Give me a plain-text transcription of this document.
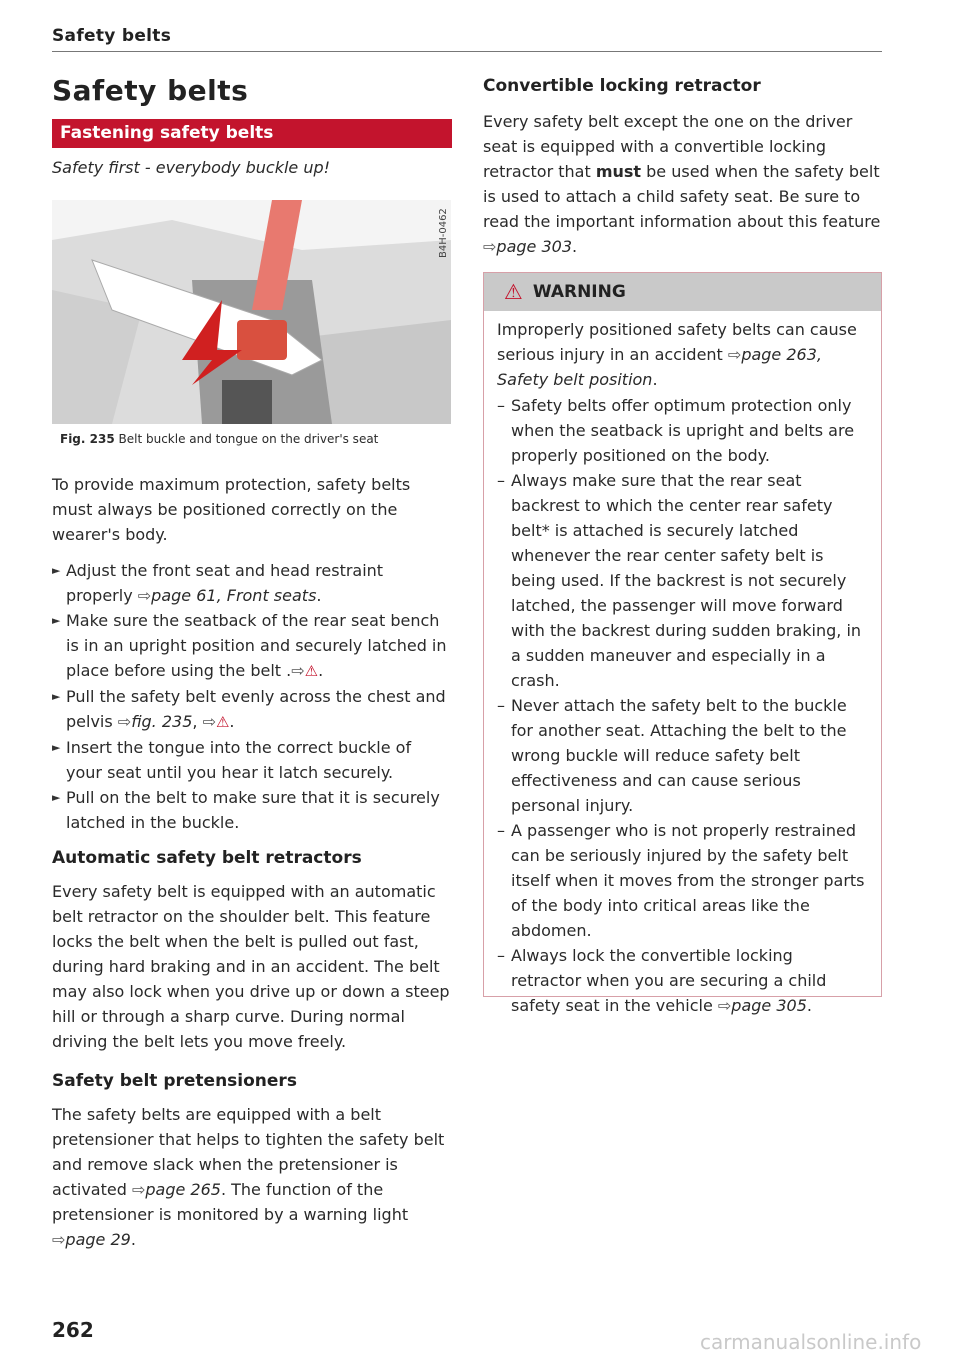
Safety belts
Safety belts
Fastening safety belts
Safety first - everybody buckle up!
Fig. 235 Belt buckle and tongue on the driver's seat
B4H-0462

To provide maximum protection, safety belts must always be positioned correctly on the wearer's body.

► Adjust the front seat and head restraint properly ⇨page 61, Front seats.
► Make sure the seatback of the rear seat bench is in an upright position and securely latched in place before using the belt .⇨⚠.
► Pull the safety belt evenly across the chest and pelvis ⇨fig. 235, ⇨⚠.
► Insert the tongue into the correct buckle of your seat until you hear it latch securely.
► Pull on the belt to make sure that it is securely latched in the buckle.

Automatic safety belt retractors

Every safety belt is equipped with an automatic belt retractor on the shoulder belt. This feature locks the belt when the belt is pulled out fast, during hard braking and in an accident. The belt may also lock when you drive up or down a steep hill or through a sharp curve. During normal driving the belt lets you move freely.

Safety belt pretensioners

The safety belts are equipped with a belt pretensioner that helps to tighten the safety belt and remove slack when the pretensioner is activated ⇨page 265. The function of the pretensioner is monitored by a warning light ⇨page 29.

Convertible locking retractor

Every safety belt except the one on the driver seat is equipped with a convertible locking retractor that must be used when the safety belt is used to attach a child safety seat. Be sure to read the important information about this feature ⇨page 303.

⚠ WARNING

Improperly positioned safety belts can cause serious injury in an accident ⇨page 263, Safety belt position.

– Safety belts offer optimum protection only when the seatback is upright and belts are properly positioned on the body.
– Always make sure that the rear seat backrest to which the center rear safety belt* is attached is securely latched whenever the rear center safety belt is being used. If the backrest is not securely latched, the passenger will move forward with the backrest during sudden braking, in a sudden maneuver and especially in a crash.
– Never attach the safety belt to the buckle for another seat. Attaching the belt to the wrong buckle will reduce safety belt effectiveness and can cause serious personal injury.
– A passenger who is not properly restrained can be seriously injured by the safety belt itself when it moves from the stronger parts of the body into critical areas like the abdomen.
– Always lock the convertible locking retractor when you are securing a child safety seat in the vehicle ⇨page 305.
262	carmanualsonline.info
